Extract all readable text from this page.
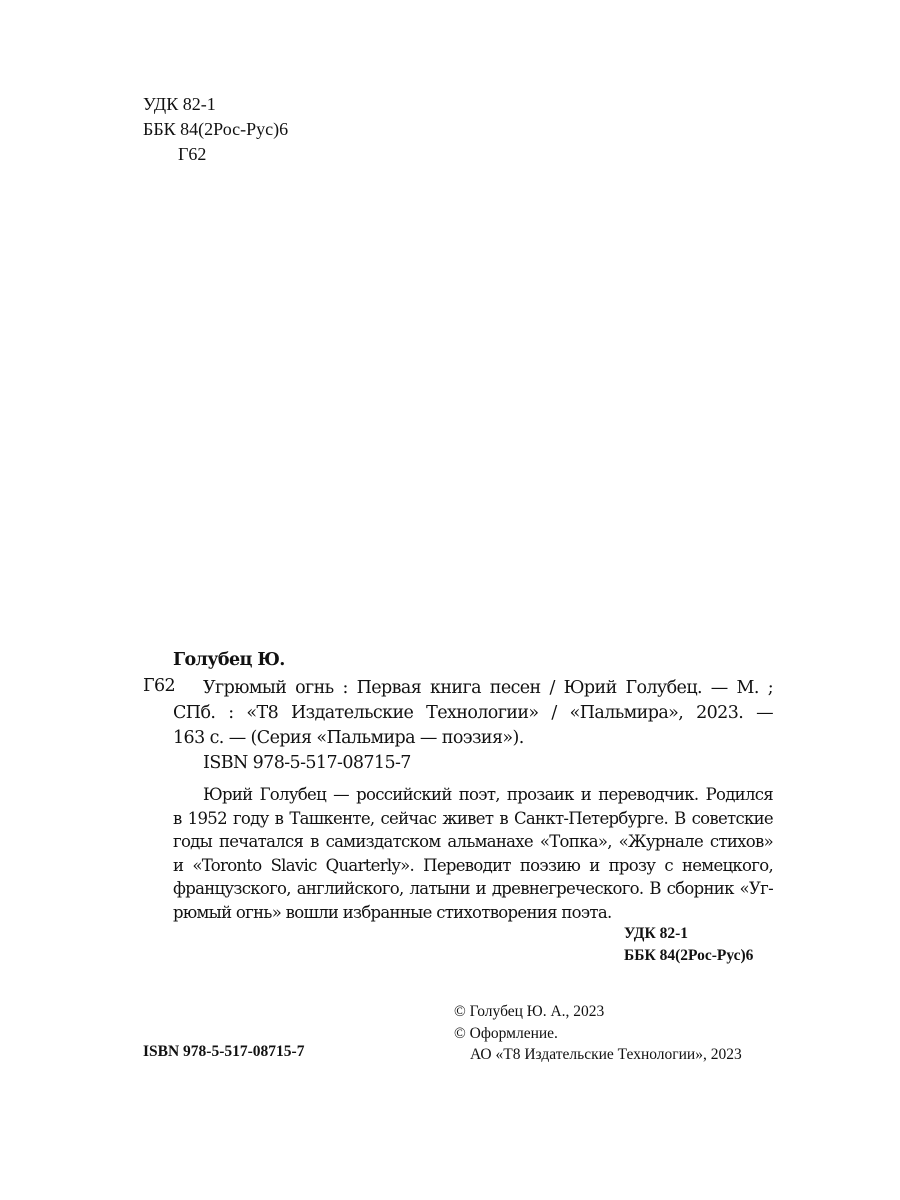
УДК 82-1
ББК 84(2Рос-Рус)6
Г62
Голубец Ю.
Г62	Угрюмый огнь : Первая книга песен / Юрий Голубец. — М. ;
СПб. : «Т8 Издательские Технологии» / «Пальмира», 2023. —
163 с. — (Серия «Пальмира — поэзия»).
ISBN 978-5-517-08715-7
Юрий Голубец — российский поэт, прозаик и переводчик. Родился
в 1952 году в Ташкенте, сейчас живет в Санкт-Петербурге. В советские
годы печатался в самиздатском альманахе «Топка», «Журнале стихов»
и «Toronto Slavic Quarterly». Переводит поэзию и прозу с немецкого,
французского, английского, латыни и древнегреческого. В сборник «Уг-
рюмый огнь» вошли избранные стихотворения поэта.
УДК 82-1
ББК 84(2Рос-Рус)6
© Голубец Ю. А., 2023
© Оформление.
АО «Т8 Издательские Технологии», 2023
ISBN 978-5-517-08715-7
